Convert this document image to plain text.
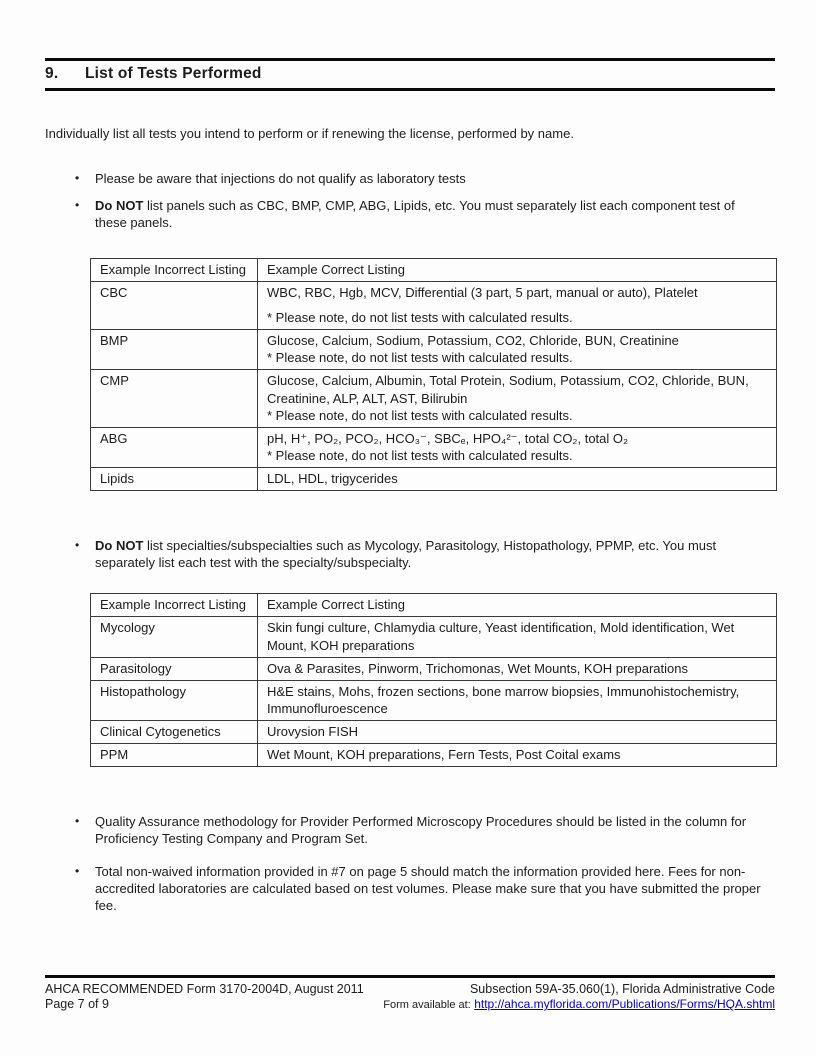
9. List of Tests Performed

Individually list all tests you intend to perform or if renewing the license, performed by name.

•

Please be aware that injections do not qualify as laboratory tests

•

Do NOT list panels such as CBC, BMP, CMP, ABG, Lipids, etc. You must separately list each component test of these panels.

Example Incorrect Listing	Example Correct Listing
CBC	WBC, RBC, Hgb, MCV, Differential (3 part, 5 part, manual or auto), Platelet
* Please note, do not list tests with calculated results.

BMP	Glucose, Calcium, Sodium, Potassium, CO2, Chloride, BUN, Creatinine
* Please note, do not list tests with calculated results.

CMP	Glucose, Calcium, Albumin, Total Protein, Sodium, Potassium, CO2, Chloride, BUN, Creatinine, ALP, ALT, AST, Bilirubin
* Please note, do not list tests with calculated results.

ABG	pH, H⁺, PO₂, PCO₂, HCO₃⁻, SBCₑ, HPO₄²⁻, total CO₂, total O₂
* Please note, do not list tests with calculated results.

Lipids	LDL, HDL, trigycerides
•

Do NOT list specialties/subspecialties such as Mycology, Parasitology, Histopathology, PPMP, etc. You must separately list each test with the specialty/subspecialty.

Example Incorrect Listing	Example Correct Listing
Mycology	Skin fungi culture, Chlamydia culture, Yeast identification, Mold identification, Wet Mount, KOH preparations
Parasitology	Ova & Parasites, Pinworm, Trichomonas, Wet Mounts, KOH preparations
Histopathology	H&E stains, Mohs, frozen sections, bone marrow biopsies, Immunohistochemistry, Immunofluroescence
Clinical Cytogenetics	Urovysion FISH
PPM	Wet Mount, KOH preparations, Fern Tests, Post Coital exams
•

Quality Assurance methodology for Provider Performed Microscopy Procedures should be listed in the column for Proficiency Testing Company and Program Set.

•

Total non-waived information provided in #7 on page 5 should match the information provided here. Fees for non-accredited laboratories are calculated based on test volumes. Please make sure that you have submitted the proper fee.

AHCA RECOMMENDED Form 3170-2004D, August 2011
Page 7 of 9
Subsection 59A-35.060(1), Florida Administrative Code
Form available at: http://ahca.myflorida.com/Publications/Forms/HQA.shtml
